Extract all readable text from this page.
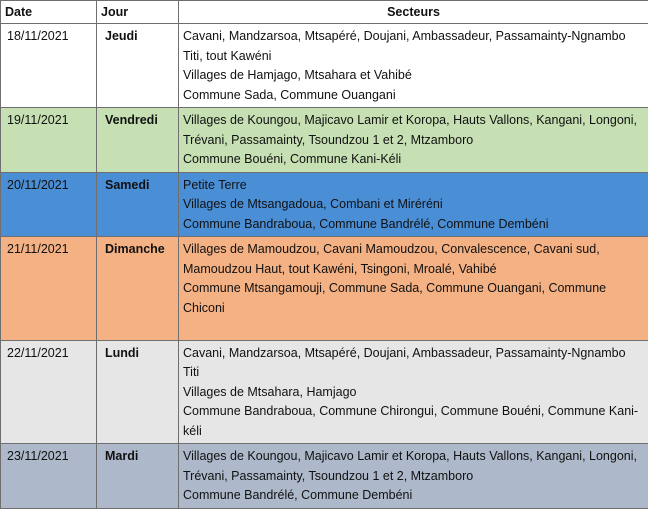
Date	Jour	Secteurs
18/11/2021	Jeudi	Cavani, Mandzarsoa, Mtsapéré, Doujani, Ambassadeur, Passamainty-Ngnambo Titi, tout Kawéni
Villages de Hamjago, Mtsahara et Vahibé
Commune Sada, Commune Ouangani

19/11/2021	Vendredi	Villages de Koungou, Majicavo Lamir et Koropa, Hauts Vallons, Kangani, Longoni, Trévani, Passamainty, Tsoundzou 1 et 2, Mtzamboro
Commune Bouéni, Commune Kani-Kéli

20/11/2021	Samedi	Petite Terre
Villages de Mtsangadoua, Combani et Miréréni
Commune Bandraboua, Commune Bandrélé, Commune Dembéni

21/11/2021	Dimanche	Villages de Mamoudzou, Cavani Mamoudzou, Convalescence, Cavani sud, Mamoudzou Haut, tout Kawéni, Tsingoni, Mroalé, Vahibé
Commune Mtsangamouji, Commune Sada, Commune Ouangani, Commune Chiconi

22/11/2021	Lundi	Cavani, Mandzarsoa, Mtsapéré, Doujani, Ambassadeur, Passamainty-Ngnambo Titi
Villages de Mtsahara, Hamjago
Commune Bandraboua, Commune Chirongui, Commune Bouéni, Commune Kani-kéli

23/11/2021	Mardi	Villages de Koungou, Majicavo Lamir et Koropa, Hauts Vallons, Kangani, Longoni, Trévani, Passamainty, Tsoundzou 1 et 2, Mtzamboro
Commune Bandrélé, Commune Dembéni
